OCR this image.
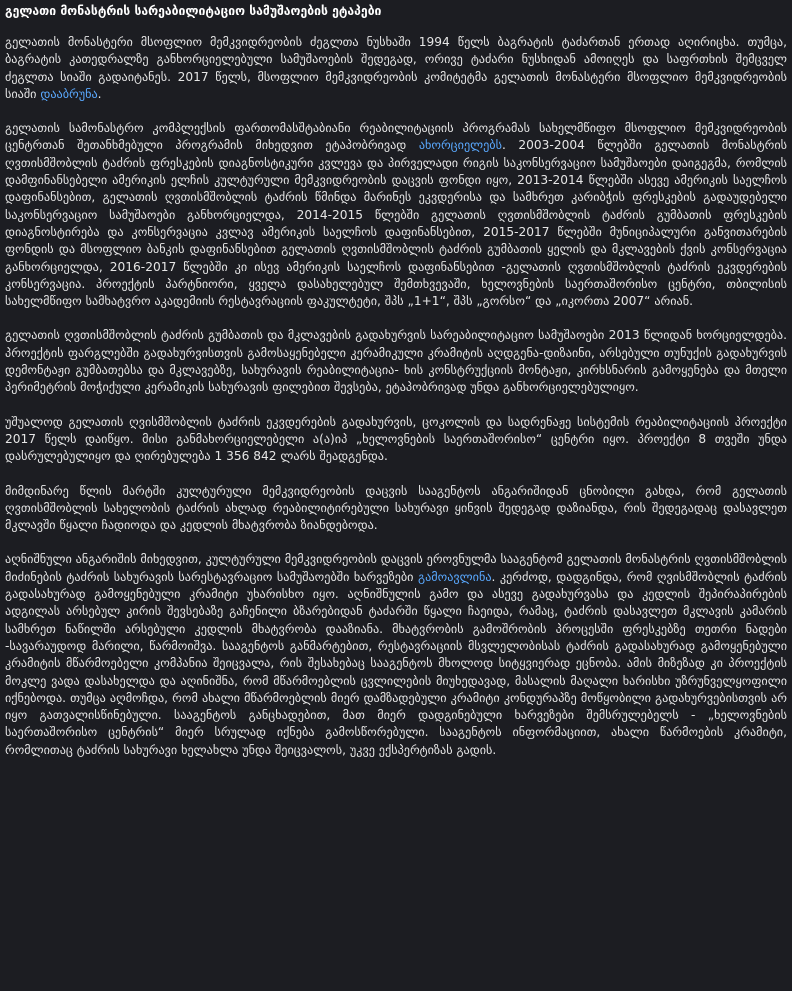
გელათი მონასტრის სარეაბილიტაციო სამუშაოების ეტაპები

გელათის მონასტერი მსოფლიო მემკვიდრეობის ძეგლთა ნუსხაში 1994 წელს ბაგრატის ტაძართან ერთად აღირიცხა. თუმცა, ბაგრატის კათედრალზე განხორციელებული სამუშაოების შედეგად, ორივე ტაძარი ნუსხიდან ამოიღეს და საფრთხის შემცველ ძეგლთა სიაში გადაიტანეს. 2017 წელს, მსოფლიო მემკვიდრეობის კომიტეტმა გელათის მონასტერი მსოფლიო მემკვიდრეობის სიაში დააბრუნა.

გელათის სამონასტრო კომპლექსის ფართომასშტაბიანი რეაბილიტაციის პროგრამას სახელმწიფო მსოფლიო მემკვიდრეობის ცენტრთან შეთანხმებული პროგრამის მიხედვით ეტაპობრივად ახორციელებს. 2003-2004 წლებში გელათის მონასტრის ღვთისმშობლის ტაძრის ფრესკების დიაგნოსტიკური კვლევა და პირველადი რიგის საკონსერვაციო სამუშაოები დაიგეგმა, რომლის დამფინანსებელი ამერიკის ელჩის კულტურული მემკვიდრეობის დაცვის ფონდი იყო, 2013-2014 წლებში ასევე ამერიკის საელჩოს დაფინანსებით, გელათის ღვთისმშობლის ტაძრის წმინდა მარინეს ეკვდერისა და სამხრეთ კარიბჭის ფრესკების გადაუდებელი საკონსერვაციო სამუშაოები განხორციელდა, 2014-2015 წლებში გელათის ღვთისმშობლის ტაძრის გუმბათის ფრესკების დიაგნოსტირება და კონსერვაცია კვლავ ამერიკის საელჩოს დაფინანსებით, 2015-2017 წლებში მუნიციპალური განვითარების ფონდის და მსოფლიო ბანკის დაფინანსებით გელათის ღვთისმშობლის ტაძრის გუმბათის ყელის და მკლავების ქვის კონსერვაცია განხორციელდა, 2016-2017 წლებში კი ისევ ამერიკის საელჩოს დაფინანსებით -გელათის ღვთისმშობლის ტაძრის ეკვდერების კონსერვაცია. პროექტის პარტნიორი, ყველა დასახელებულ შემთხვევაში, ხელოვნების საერთაშორისო ცენტრი, თბილისის სახელმწიფო სამხატვრო აკადემიის რესტავრაციის ფაკულტეტი, შპს „1+1“, შპს „გორსო“ და „იკორთა 2007“ არიან.

გელათის ღვთისმშობლის ტაძრის გუმბათის და მკლავების გადახურვის სარეაბილიტაციო სამუშაოები 2013 წლიდან ხორციელდება. პროექტის ფარგლებში გადახურვისთვის გამოსაყენებელი კერამიკული კრამიტის აღდგენა-დიზაინი, არსებული თუნუქის გადახურვის დემონტაჟი გუმბათებსა და მკლავებზე, სახურავის რეაბილიტაცია- ხის კონსტრუქციის მონტაჟი, კირხსნარის გამოყენება და მთელი პერიმეტრის მოჭიქული კერამიკის სახურავის ფილებით შევსება, ეტაპობრივად უნდა განხორციელებულიყო.

უშუალოდ გელათის ღვისმშობლის ტაძრის ეკვდერების გადახურვის, ცოკოლის და სადრენაჟე სისტემის რეაბილიტაციის პროექტი 2017 წელს დაიწყო. მისი განმახორციელებელი ა(ა)იპ „ხელოვნების საერთაშორისო“ ცენტრი იყო. პროექტი 8 თვეში უნდა დასრულებულიყო და ღირებულება 1 356 842 ლარს შეადგენდა.

მიმდინარე წლის მარტში კულტურული მემკვიდრეობის დაცვის სააგენტოს ანგარიშიდან ცნობილი გახდა, რომ გელათის ღვთისმშობლის სახელობის ტაძრის ახლად რეაბილიტირებული სახურავი ყინვის შედეგად დაზიანდა, რის შედეგადაც დასავლეთ მკლავში წყალი ჩადიოდა და კედლის მხატვრობა ზიანდებოდა.

აღნიშნული ანგარიშის მიხედვით, კულტურული მემკვიდრეობის დაცვის ეროვნულმა სააგენტომ გელათის მონასტრის ღვთისმშობლის მიძინების ტაძრის სახურავის სარესტავრაციო სამუშაოებში ხარვეზები გამოავლინა. კერძოდ, დადგინდა, რომ ღვისმშობლის ტაძრის გადასახურად გამოყენებული კრამიტი უხარისხო იყო. აღნიშნულის გამო და ასევე გადახურვასა და კედლის შეპირაპირების ადგილას არსებულ კირის შევსებაზე გაჩენილი ბზარებიდან ტაძარში წყალი ჩაეიდა, რამაც, ტაძრის დასავლეთ მკლავის კამარის სამხრეთ ნაწილში არსებული კედლის მხატვრობა დააზიანა. მხატვრობის გამოშრობის პროცესში ფრესკებზე თეთრი ნადები -სავარაუდოდ მარილი, წარმოიშვა. სააგენტოს განმარტებით, რესტავრაციის მსვლელობისას ტაძრის გადასახურად გამოყენებული კრამიტის მწარმოებელი კომპანია შეიცვალა, რის შესახებაც სააგენტოს მხოლოდ სიტყვიერად ეცნობა. ამის მიზეზად კი პროექტის მოკლე ვადა დასახელდა და აღინიშნა, რომ მწარმოებლის ცვლილების მიუხედავად, მასალის მაღალი ხარისხი უზრუნველყოფილი იქნებოდა. თუმცა აღმოჩდა, რომ ახალი მწარმოებლის მიერ დამზადებული კრამიტი კონდურაპზე მოწყობილი გადახურვებისთვის არ იყო გათვალისწინებული. სააგენტოს განცხადებით, მათ მიერ დადგინებული ხარვეზები შემსრულებელს - „ხელოვნების საერთაშორისო ცენტრის“ მიერ სრულად იქნება გამოსწორებული. სააგენტოს ინფორმაციით, ახალი წარმოების კრამიტი, რომლითაც ტაძრის სახურავი ხელახლა უნდა შეიცვალოს, უკვე ექსპერტიზას გადის.
